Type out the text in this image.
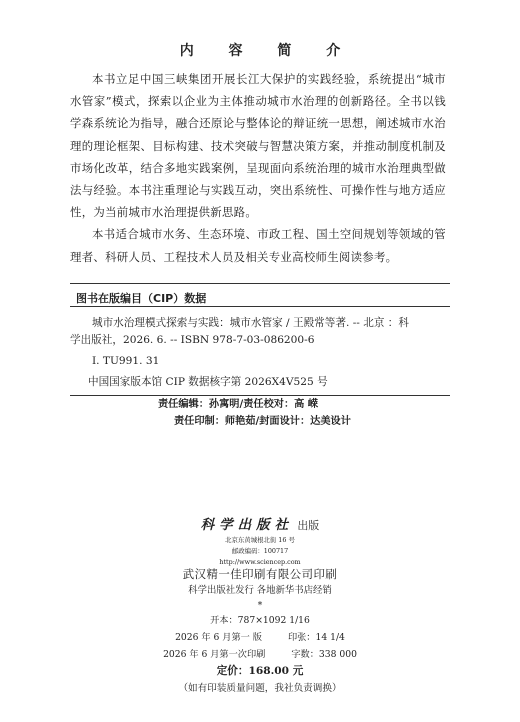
内 容 简 介

本书立足中国三峡集团开展长江大保护的实践经验，系统提出“城市水管家”模式，探索以企业为主体推动城市水治理的创新路径。全书以钱学森系统论为指导，融合还原论与整体论的辩证统一思想，阐述城市水治理的理论框架、目标构建、技术突破与智慧决策方案，并推动制度机制及市场化改革，结合多地实践案例，呈现面向系统治理的城市水治理典型做法与经验。本书注重理论与实践互动，突出系统性、可操作性与地方适应性，为当前城市水治理提供新思路。

本书适合城市水务、生态环境、市政工程、国土空间规划等领域的管理者、科研人员、工程技术人员及相关专业高校师生阅读参考。

图书在版编目（CIP）数据
城市水治理模式探索与实践：城市水管家 / 王殿常等著. -- 北京 ：科
学出版社，2026. 6. -- ISBN 978-7-03-086200-6
I. TU991. 31
中国国家版本馆 CIP 数据核字第 2026X4V525 号
责任编辑：孙寓明/责任校对：高 嵘
责任印制：师艳茹/封面设计：达美设计
科学出版社 出版
北京东黄城根北街 16 号
邮政编码：100717
http://www.sciencep.com
武汉精一佳印刷有限公司印刷
科学出版社发行 各地新华书店经销
*
开本：787×1092 1/16
2026 年 6 月第一 版	印张：14 1/4
2026 年 6 月第一次印刷	字数：338 000
定价：168.00 元
（如有印装质量问题，我社负责调换）
